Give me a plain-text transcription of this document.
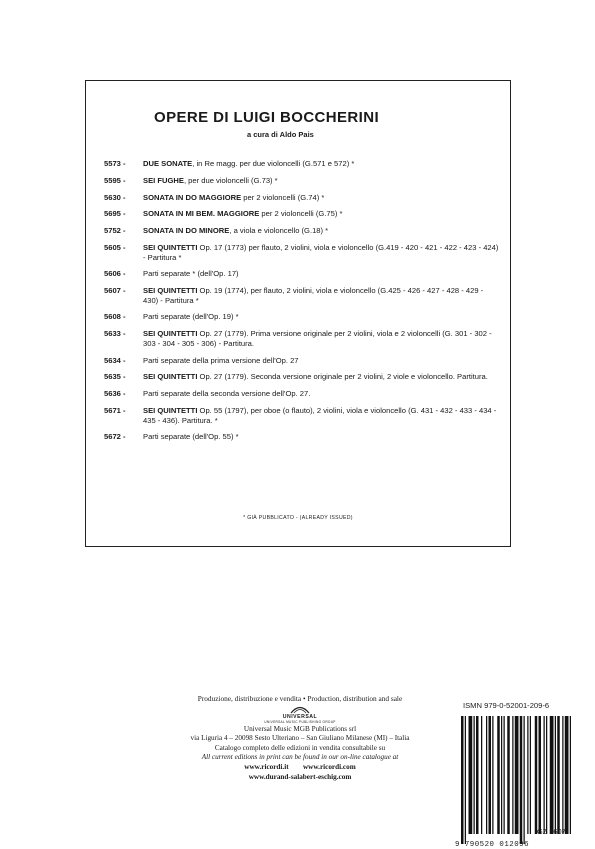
OPERE DI LUIGI BOCCHERINI
a cura di Aldo Pais
5573 -	DUE SONATE, in Re magg. per due violoncelli (G.571 e 572) *
5595 -	SEI FUGHE, per due violoncelli (G.73) *
5630 -	SONATA IN DO MAGGIORE per 2 violoncelli (G.74) *
5695 -	SONATA IN MI BEM. MAGGIORE per 2 violoncelli (G.75) *
5752 -	SONATA IN DO MINORE, a viola e violoncello (G.18) *
5605 -	SEI QUINTETTI Op. 17 (1773) per flauto, 2 violini, viola e violoncello (G.419 - 420 - 421 - 422 - 423 - 424) - Partitura *
5606 -	Parti separate * (dell'Op. 17)
5607 -	SEI QUINTETTI Op. 19 (1774), per flauto, 2 violini, viola e violoncello (G.425 - 426 - 427 - 428 - 429 - 430) - Partitura *
5608 -	Parti separate (dell'Op. 19) *
5633 -	SEI QUINTETTI Op. 27 (1779). Prima versione originale per 2 violini, viola e 2 violoncelli (G. 301 - 302 - 303 - 304 - 305 - 306) - Partitura.
5634 -	Parti separate della prima versione dell'Op. 27
5635 -	SEI QUINTETTI Op. 27 (1779). Seconda versione originale per 2 violini, 2 viole e violoncello. Partitura.
5636 -	Parti separate della seconda versione dell'Op. 27.
5671 -	SEI QUINTETTI Op. 55 (1797), per oboe (o flauto), 2 violini, viola e violoncello (G. 431 - 432 - 433 - 434 - 435 - 436). Partitura. *
5672 -	Parti separate (dell'Op. 55) *
* GIÀ PUBBLICATO - (ALREADY ISSUED)
Produzione, distribuzione e vendita • Production, distribution and sale
UNIVERSAL
UNIVERSAL MUSIC PUBLISHING GROUP
Universal Music MGB Publications srl
via Liguria 4 – 20098 Sesto Ulteriano – San Giuliano Milanese (MI) – Italia
Catalogo completo delle edizioni in vendita consultabile su
All current editions in print can be found in our on-line catalogue at
www.ricordi.it        www.ricordi.com
www.durand-salabert-eschig.com
ISMN 979-0-52001-209-6
9 790520 012096
GZ 5607
